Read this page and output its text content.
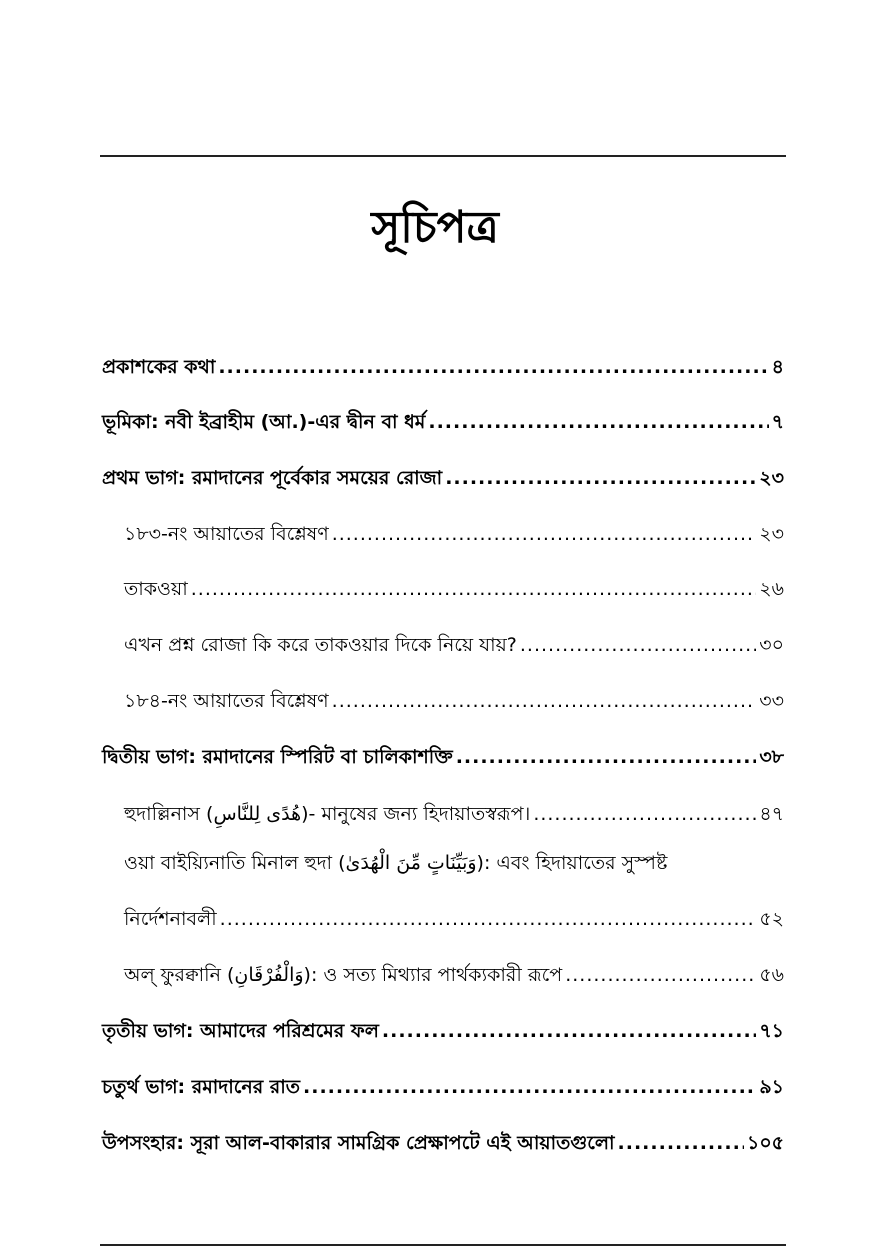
সূচিপত্র
প্রকাশকের কথা .....	৪
ভূমিকা: নবী ইব্রাহীম (আ.)-এর দ্বীন বা ধর্ম .....	৭
প্রথম ভাগ: রমাদানের পূর্বেকার সময়ের রোজা .....	২৩
১৮৩-নং আয়াতের বিশ্লেষণ .....	২৩
তাকওয়া .....	২৬
এখন প্রশ্ন রোজা কি করে তাকওয়ার দিকে নিয়ে যায়? .....	৩০
১৮৪-নং আয়াতের বিশ্লেষণ .....	৩৩
দ্বিতীয় ভাগ: রমাদানের স্পিরিট বা চালিকাশক্তি .....	৩৮
হুদাল্লিনাস (هُدًى لِلنَّاسِ)- মানুষের জন্য হিদায়াতস্বরূপ। .....	৪৭
ওয়া বাইয়্যিনাতি মিনাল হুদা (وَبَيِّنَاتٍ مِّنَ الْهُدَىٰ): এবং হিদায়াতের সুস্পষ্ট
নির্দেশনাবলী .....	৫২
অল্ ফুরক্বানি (وَالْفُرْقَانِ): ও সত্য মিথ্যার পার্থক্যকারী রূপে .....	৫৬
তৃতীয় ভাগ: আমাদের পরিশ্রমের ফল .....	৭১
চতুর্থ ভাগ: রমাদানের রাত .....	৯১
উপসংহার: সূরা আল-বাকারার সামগ্রিক প্রেক্ষাপটে এই আয়াতগুলো .....	১০৫
